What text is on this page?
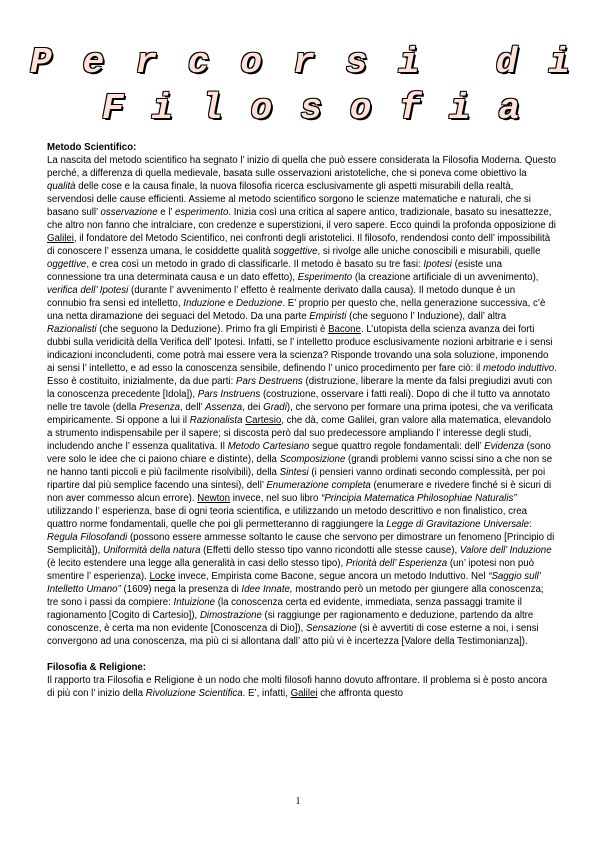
P e r c o r s i d i
F i l o s o f i a
Metodo Scientifico:

La nascita del metodo scientifico ha segnato l’ inizio di quella che può essere considerata la Filosofia Moderna. Questo perché, a differenza di quella medievale, basata sulle osservazioni aristoteliche, che si poneva come obiettivo la qualità delle cose e la causa finale, la nuova filosofia ricerca esclusivamente gli aspetti misurabili della realtà, servendosi delle cause efficienti. Assieme al metodo scientifico sorgono le scienze matematiche e naturali, che si basano sull’ osservazione e l’ esperimento. Inizia così una critica al sapere antico, tradizionale, basato su inesattezze, che altro non fanno che intralciare, con credenze e superstizioni, il vero sapere. Ecco quindi la profonda opposizione di Galilei, il fondatore del Metodo Scientifico, nei confronti degli aristotelici. Il filosofo, rendendosi conto dell’ impossibilità di conoscere l’ essenza umana, le cosiddette qualità soggettive, si rivolge alle uniche conoscibili e misurabili, quelle oggettive, e crea così un metodo in grado di classificarle. Il metodo è basato su tre fasi: Ipotesi (esiste una connessione tra una determinata causa e un dato effetto), Esperimento (la creazione artificiale di un avvenimento), verifica dell’ Ipotesi (durante l’ avvenimento l’ effetto è realmente derivato dalla causa). Il metodo dunque è un connubio fra sensi ed intelletto, Induzione e Deduzione. E’ proprio per questo che, nella generazione successiva, c’è una netta diramazione dei seguaci del Metodo. Da una parte Empiristi (che seguono l’ Induzione), dall’ altra Razionalisti (che seguono la Deduzione). Primo fra gli Empiristi è Bacone. L’utopista della scienza avanza dei forti dubbi sulla veridicità della Verifica dell’ Ipotesi. Infatti, se l’ intelletto produce esclusivamente nozioni arbitrarie e i sensi indicazioni inconcludenti, come potrà mai essere vera la scienza? Risponde trovando una sola soluzione, imponendo ai sensi l’ intelletto, e ad esso la conoscenza sensibile, definendo l’ unico procedimento per fare ciò: il metodo induttivo. Esso è costituito, inizialmente, da due parti: Pars Destruens (distruzione, liberare la mente da falsi pregiudizi avuti con la conoscenza precedente [Idola]), Pars Instruens (costruzione, osservare i fatti reali). Dopo di che il tutto va annotato nelle tre tavole (della Presenza, dell’ Assenza, dei Gradi), che servono per formare una prima ipotesi, che va verificata empiricamente. Si oppone a lui il Razionalista Cartesio, che dà, come Galilei, gran valore alla matematica, elevandolo a strumento indispensabile per il sapere; si discosta però dal suo predecessore ampliando l’ interesse degli studi, includendo anche l’ essenza qualitativa. Il Metodo Cartesiano segue quattro regole fondamentali: dell’ Evidenza (sono vere solo le idee che ci paiono chiare e distinte), della Scomposizione (grandi problemi vanno scissi sino a che non se ne hanno tanti piccoli e più facilmente risolvibili), della Sintesi (i pensieri vanno ordinati secondo complessità, per poi ripartire dal più semplice facendo una sintesi), dell’ Enumerazione completa (enumerare e rivedere finché si è sicuri di non aver commesso alcun errore). Newton invece, nel suo libro “Principia Matematica Philosophiae Naturalis” utilizzando l’ esperienza, base di ogni teoria scientifica, e utilizzando un metodo descrittivo e non finalistico, crea quattro norme fondamentali, quelle che poi gli permetteranno di raggiungere la Legge di Gravitazione Universale: Regula Filosofandi (possono essere ammesse soltanto le cause che servono per dimostrare un fenomeno [Principio di Semplicità]), Uniformità della natura (Effetti dello stesso tipo vanno ricondotti alle stesse cause), Valore dell’ Induzione (è lecito estendere una legge alla generalità in casi dello stesso tipo), Priorità dell’ Esperienza (un’ ipotesi non può smentire l’ esperienza). Locke invece, Empirista come Bacone, segue ancora un metodo Induttivo. Nel “Saggio sull’ Intelletto Umano” (1609) nega la presenza di Idee Innate, mostrando però un metodo per giungere alla conoscenza; tre sono i passi da compiere: Intuizione (la conoscenza certa ed evidente, immediata, senza passaggi tramite il ragionamento [Cogito di Cartesio]), Dimostrazione (si raggiunge per ragionamento e deduzione, partendo da altre conoscenze, è certa ma non evidente [Conoscenza di Dio]), Sensazione (si è avvertiti di cose esterne a noi, i sensi convergono ad una conoscenza, ma più ci si allontana dall’ atto più vi è incertezza [Valore della Testimonianza]).

Filosofia & Religione:

Il rapporto tra Filosofia e Religione è un nodo che molti filosofi hanno dovuto affrontare. Il problema si è posto ancora di più con l’ inizio della Rivoluzione Scientifica. E’, infatti, Galilei che affronta questo

1
